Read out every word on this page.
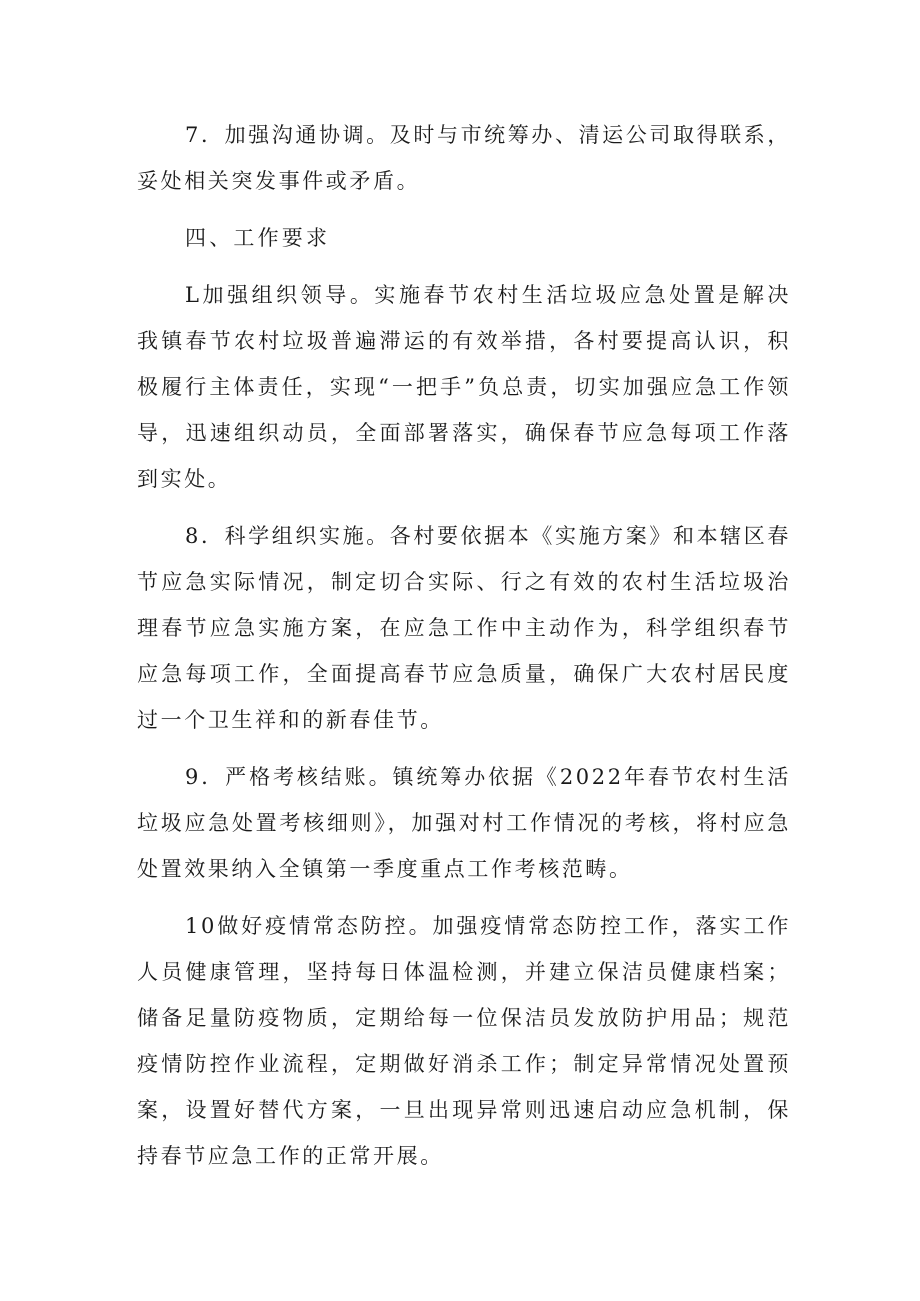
7．加强沟通协调。及时与市统筹办、清运公司取得联系，妥处相关突发事件或矛盾。

四、工作要求

L加强组织领导。实施春节农村生活垃圾应急处置是解决我镇春节农村垃圾普遍滞运的有效举措，各村要提高认识，积极履行主体责任，实现“一把手”负总责，切实加强应急工作领导，迅速组织动员，全面部署落实，确保春节应急每项工作落到实处。

8．科学组织实施。各村要依据本《实施方案》和本辖区春节应急实际情况，制定切合实际、行之有效的农村生活垃圾治理春节应急实施方案，在应急工作中主动作为，科学组织春节应急每项工作，全面提高春节应急质量，确保广大农村居民度过一个卫生祥和的新春佳节。

9．严格考核结账。镇统筹办依据《2022年春节农村生活垃圾应急处置考核细则》，加强对村工作情况的考核，将村应急处置效果纳入全镇第一季度重点工作考核范畴。

10做好疫情常态防控。加强疫情常态防控工作，落实工作人员健康管理，坚持每日体温检测，并建立保洁员健康档案；储备足量防疫物质，定期给每一位保洁员发放防护用品；规范疫情防控作业流程，定期做好消杀工作；制定异常情况处置预案，设置好替代方案，一旦出现异常则迅速启动应急机制，保持春节应急工作的正常开展。
